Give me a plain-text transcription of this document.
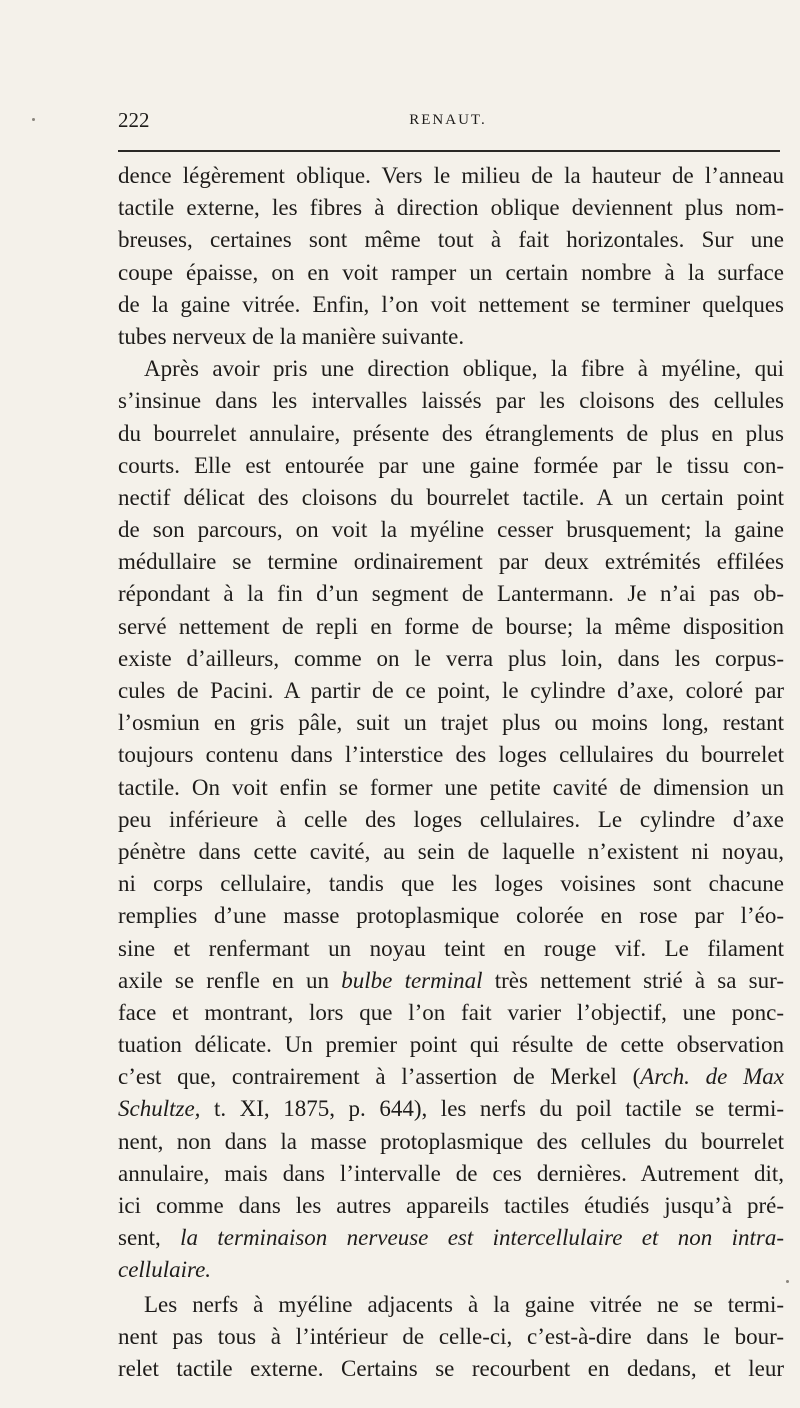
222	RENAUT.
dence légèrement oblique. Vers le milieu de la hauteur de l’anneau
tactile externe, les fibres à direction oblique deviennent plus nom-
breuses, certaines sont même tout à fait horizontales. Sur une
coupe épaisse, on en voit ramper un certain nombre à la surface
de la gaine vitrée. Enfin, l’on voit nettement se terminer quelques
tubes nerveux de la manière suivante.
Après avoir pris une direction oblique, la fibre à myéline, qui
s’insinue dans les intervalles laissés par les cloisons des cellules
du bourrelet annulaire, présente des étranglements de plus en plus
courts. Elle est entourée par une gaine formée par le tissu con-
nectif délicat des cloisons du bourrelet tactile. A un certain point
de son parcours, on voit la myéline cesser brusquement; la gaine
médullaire se termine ordinairement par deux extrémités effilées
répondant à la fin d’un segment de Lantermann. Je n’ai pas ob-
servé nettement de repli en forme de bourse; la même disposition
existe d’ailleurs, comme on le verra plus loin, dans les corpus-
cules de Pacini. A partir de ce point, le cylindre d’axe, coloré par
l’osmiun en gris pâle, suit un trajet plus ou moins long, restant
toujours contenu dans l’interstice des loges cellulaires du bourrelet
tactile. On voit enfin se former une petite cavité de dimension un
peu inférieure à celle des loges cellulaires. Le cylindre d’axe
pénètre dans cette cavité, au sein de laquelle n’existent ni noyau,
ni corps cellulaire, tandis que les loges voisines sont chacune
remplies d’une masse protoplasmique colorée en rose par l’éo-
sine et renfermant un noyau teint en rouge vif. Le filament
axile se renfle en un bulbe terminal très nettement strié à sa sur-
face et montrant, lors que l’on fait varier l’objectif, une ponc-
tuation délicate. Un premier point qui résulte de cette observation
c’est que, contrairement à l’assertion de Merkel (Arch. de Max
Schultze, t. XI, 1875, p. 644), les nerfs du poil tactile se termi-
nent, non dans la masse protoplasmique des cellules du bourrelet
annulaire, mais dans l’intervalle de ces dernières. Autrement dit,
ici comme dans les autres appareils tactiles étudiés jusqu’à pré-
sent, la terminaison nerveuse est intercellulaire et non intra-
cellulaire.
Les nerfs à myéline adjacents à la gaine vitrée ne se termi-
nent pas tous à l’intérieur de celle-ci, c’est-à-dire dans le bour-
relet tactile externe. Certains se recourbent en dedans, et leur
